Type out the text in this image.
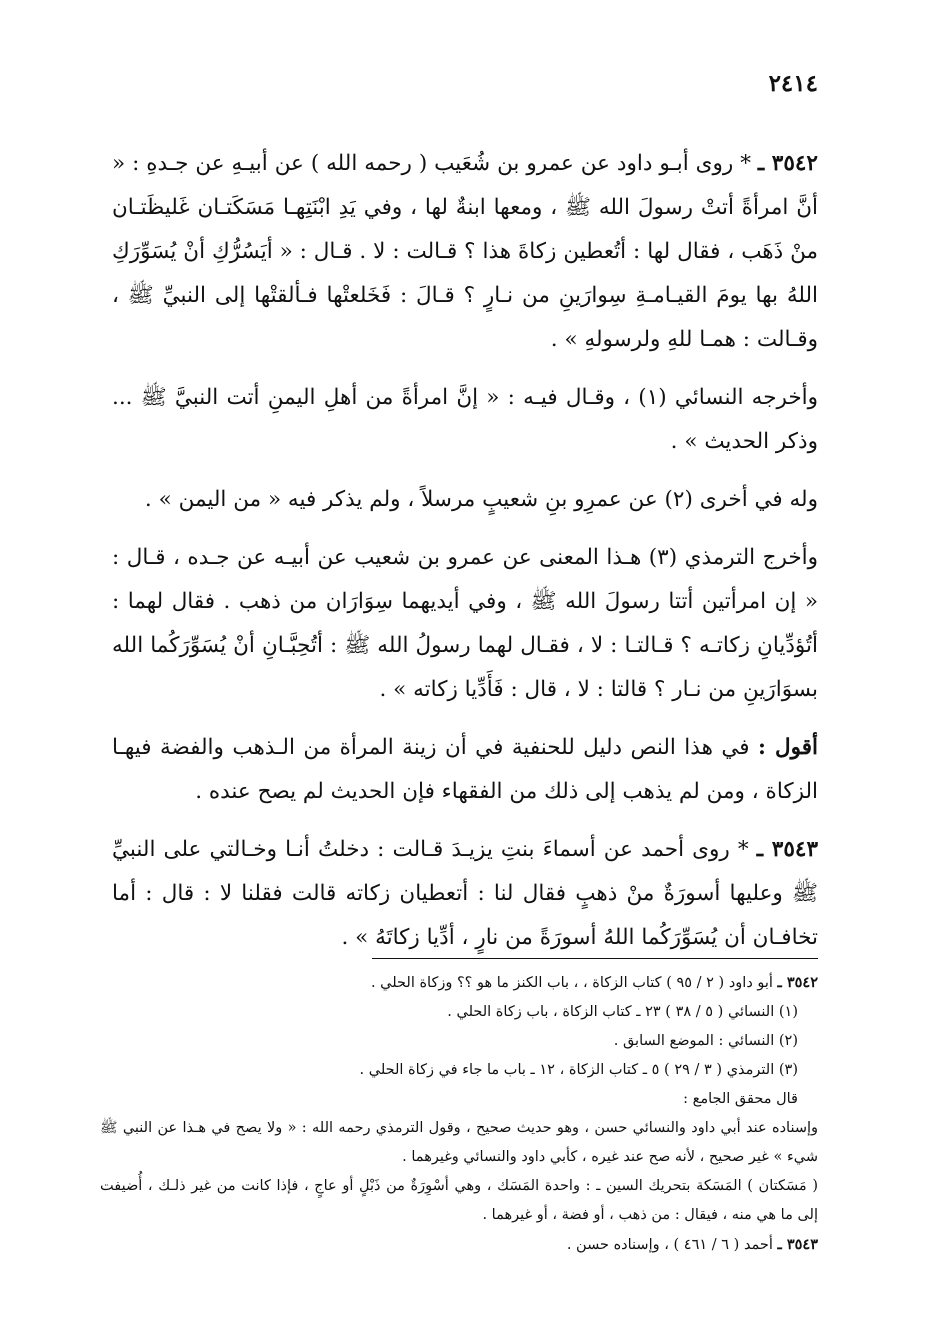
٢٤١٤

٣٥٤٢ ـ * روى أبـو داود عن عمرو بن شُعَيب ( رحمه الله ) عن أبيـهِ عن جـدهِ : « أنَّ امرأةً أتتْ رسولَ الله ﷺ ، ومعها ابنةٌ لها ، وفي يَدِ ابْنَتِهـا مَسَكَتـان غَليظَتـان منْ ذَهَب ، فقال لها : أتُعطين زكاةَ هذا ؟ قـالت : لا . قـال : « أيَسُرُّكِ أنْ يُسَوِّرَكِ اللهُ بها يومَ القيـامـةِ سِوارَينِ من نـارٍ ؟ قـالَ : فَخَلعتْها فـألقتْها إلى النبيِّ ﷺ ، وقـالت : همـا للهِ ولرسولهِ » .

وأخرجه النسائي (١) ، وقـال فيـه : « إنَّ امرأةً من أهلِ اليمنِ أتت النبيَّ ﷺ ... وذكر الحديث » .

وله في أخرى (٢) عن عمرِو بنِ شعيبٍ مرسلاً ، ولم يذكر فيه « من اليمن » .

وأخرج الترمذي (٣) هـذا المعنى عن عمرو بن شعيب عن أبيـه عن جـده ، قـال : « إن امرأتين أتتا رسولَ الله ﷺ ، وفي أيديهما سِوَارَان من ذهب . فقال لهما : أتُؤدِّيانِ زكاتـه ؟ قـالتـا : لا ، فقـال لهما رسولُ الله ﷺ : أتُحِبَّـانِ أنْ يُسَوِّرَكُما الله بسوَارَينِ من نـار ؟ قالتا : لا ، قال : فَأَدِّيا زكاته » .

أقول : في هذا النص دليل للحنفية في أن زينة المرأة من الـذهب والفضة فيهـا الزكاة ، ومن لم يذهب إلى ذلك من الفقهاء فإن الحديث لم يصح عنده .

٣٥٤٣ ـ * روى أحمد عن أسماءَ بنتِ يزيـدَ قـالت : دخلتُ أنـا وخـالتي على النبيِّ ﷺ وعليها أسورَةٌ منْ ذهبٍ فقال لنا : أتعطيان زكاته قالت فقلنا لا : قال : أما تخافـان أن يُسَوِّرَكُما اللهُ أسورَةً من نارٍ ، أدِّيا زكاتَهُ » .

٣٥٤٢ ـ أبو داود ( ٢ / ٩٥ ) كتاب الزكاة ، ، باب الكنز ما هو ؟؟ وزكاة الحلي .

(١) النسائي ( ٥ / ٣٨ ) ٢٣ ـ كتاب الزكاة ، باب زكاة الحلي .

(٢) النسائي : الموضع السابق .

(٣) الترمذي ( ٣ / ٢٩ ) ٥ ـ كتاب الزكاة ، ١٢ ـ باب ما جاء في زكاة الحلي .

قال محقق الجامع :

وإسناده عند أبي داود والنسائي حسن ، وهو حديث صحيح ، وقول الترمذي رحمه الله : « ولا يصح في هـذا عن النبي ﷺ شيء » غير صحيح ، لأنه صح عند غيره ، كأبي داود والنسائي وغيرهما .

( مَسَكتان ) المَسَكة بتحريك السين ـ : واحدة المَسَك ، وهي أسْوِرَةٌ من ذَبْلٍ أو عاجٍ ، فإذا كانت من غير ذلـك ، أُضيفت إلى ما هي منه ، فيقال : من ذهب ، أو فضة ، أو غيرهما .

٣٥٤٣ ـ أحمد ( ٦ / ٤٦١ ) ، وإسناده حسن .
